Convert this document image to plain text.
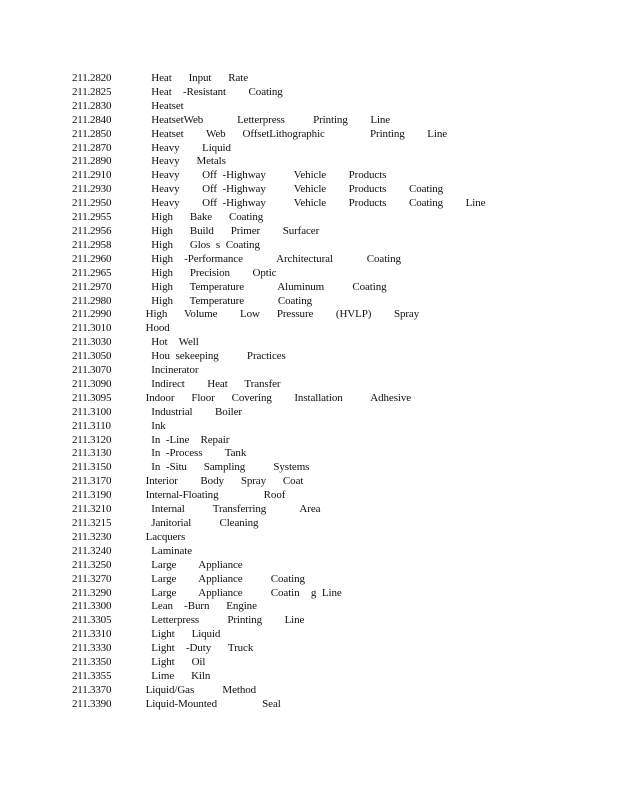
211.2820	Heat   Input   Rate
211.2825	Heat  -Resistant    Coating
211.2830	Heatset
211.2840	HeatsetWeb      Letterpress     Printing    Line
211.2850	Heatset    Web   OffsetLithographic        Printing    Line
211.2870	Heavy    Liquid
211.2890	Heavy   Metals
211.2910	Heavy    Off -Highway     Vehicle    Products
211.2930	Heavy    Off -Highway     Vehicle    Products    Coating
211.2950	Heavy    Off -Highway     Vehicle    Products    Coating    Line
211.2955	High   Bake   Coating
211.2956	High   Build   Primer    Surfacer
211.2958	High   Glos s Coating
211.2960	High  -Performance      Architectural      Coating
211.2965	High   Precision    Optic
211.2970	High   Temperature      Aluminum     Coating
211.2980	High   Temperature      Coating
211.2990	High   Volume    Low   Pressure    (HVLP)    Spray
211.3010	Hood
211.3030	Hot  Well
211.3050	Hou sekeeping     Practices
211.3070	Incinerator
211.3090	Indirect    Heat   Transfer
211.3095	Indoor   Floor   Covering    Installation     Adhesive
211.3100	Industrial    Boiler
211.3110	Ink
211.3120	In -Line  Repair
211.3130	In -Process    Tank
211.3150	In -Situ   Sampling     Systems
211.3170	Interior    Body   Spray   Coat
211.3190	Internal-Floating        Roof
211.3210	Internal     Transferring      Area
211.3215	Janitorial     Cleaning
211.3230	Lacquers
211.3240	Laminate
211.3250	Large    Appliance
211.3270	Large    Appliance     Coating
211.3290	Large    Appliance     Coatin  g Line
211.3300	Lean  -Burn   Engine
211.3305	Letterpress     Printing    Line
211.3310	Light   Liquid
211.3330	Light  -Duty   Truck
211.3350	Light   Oil
211.3355	Lime   Kiln
211.3370	Liquid/Gas     Method
211.3390	Liquid-Mounted        Seal
